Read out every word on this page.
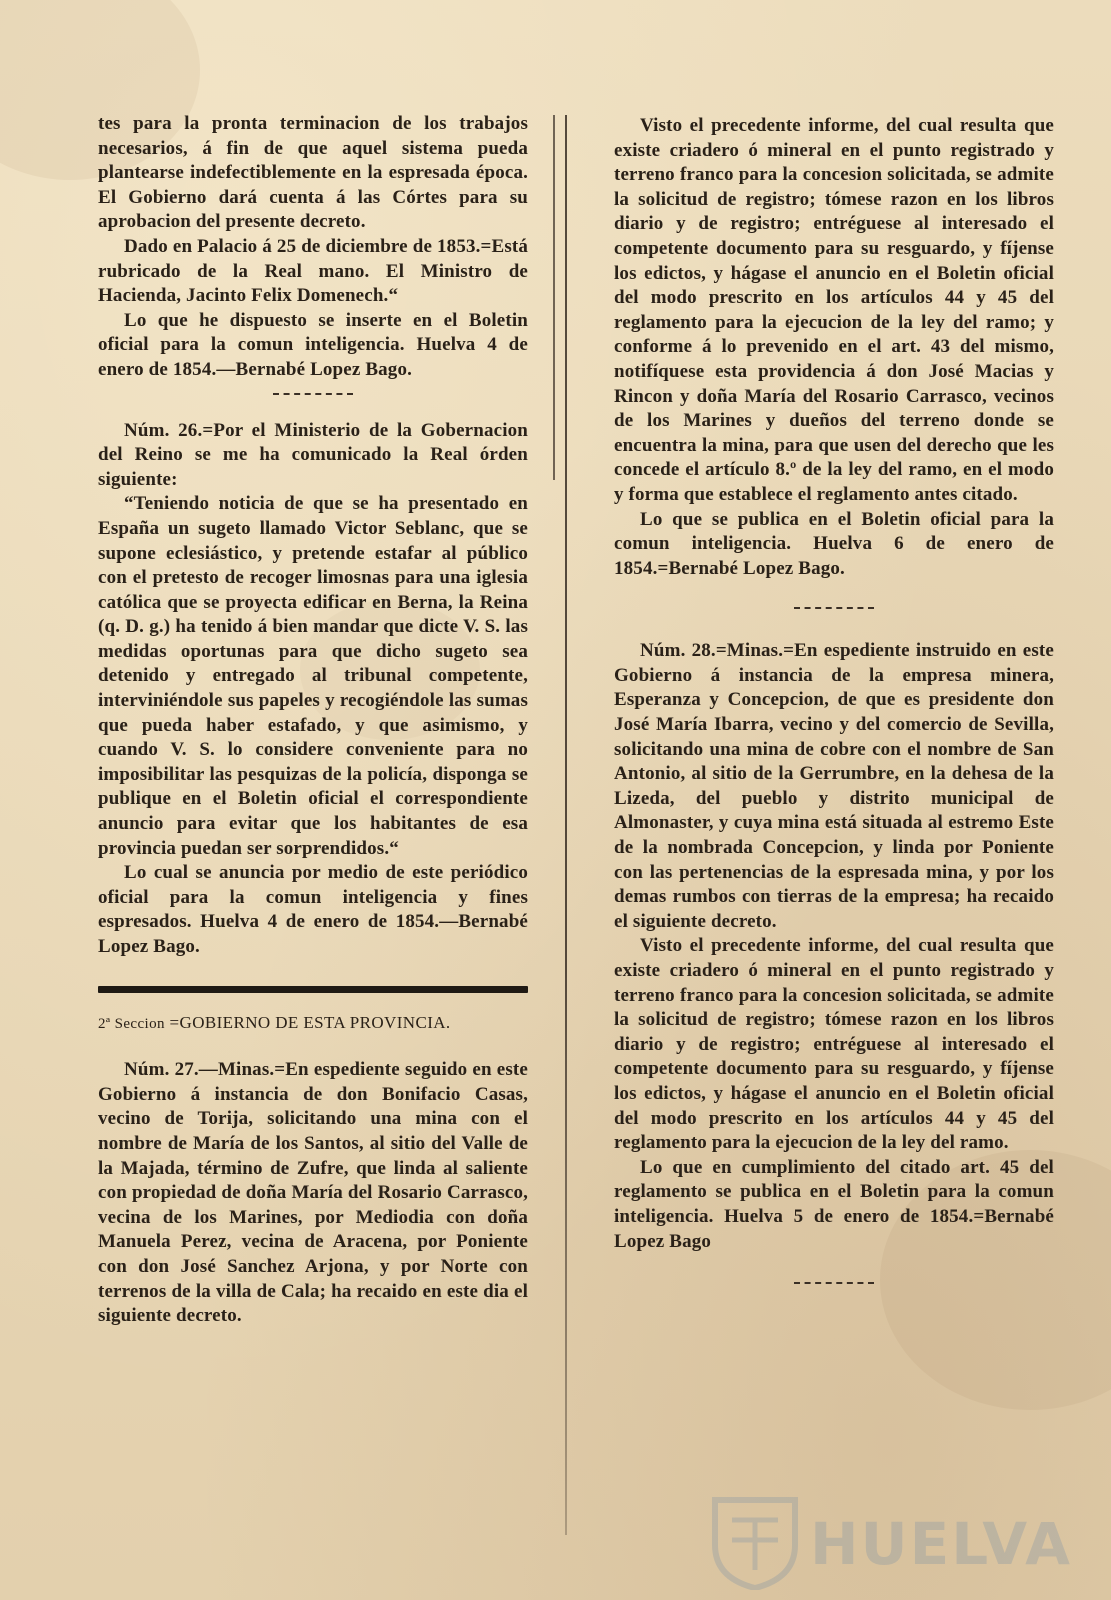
tes para la pronta terminacion de los trabajos necesarios, á fin de que aquel sistema pueda plantearse indefectiblemente en la espresada época. El Gobierno dará cuenta á las Córtes para su aprobacion del presente decreto.

Dado en Palacio á 25 de diciembre de 1853.=Está rubricado de la Real mano. El Ministro de Hacienda, Jacinto Felix Domenech.“

Lo que he dispuesto se inserte en el Boletin oficial para la comun inteligencia. Huelva 4 de enero de 1854.—Bernabé Lopez Bago.

Núm. 26.=Por el Ministerio de la Gobernacion del Reino se me ha comunicado la Real órden siguiente:

“Teniendo noticia de que se ha presentado en España un sugeto llamado Victor Seblanc, que se supone eclesiástico, y pretende estafar al público con el pretesto de recoger limosnas para una iglesia católica que se proyecta edificar en Berna, la Reina (q. D. g.) ha tenido á bien mandar que dicte V. S. las medidas oportunas para que dicho sugeto sea detenido y entregado al tribunal competente, interviniéndole sus papeles y recogiéndole las sumas que pueda haber estafado, y que asimismo, y cuando V. S. lo considere conveniente para no imposibilitar las pesquizas de la policía, disponga se publique en el Boletin oficial el correspondiente anuncio para evitar que los habitantes de esa provincia puedan ser sorprendidos.“

Lo cual se anuncia por medio de este periódico oficial para la comun inteligencia y fines espresados. Huelva 4 de enero de 1854.—Bernabé Lopez Bago.

2ª Seccion =GOBIERNO DE ESTA PROVINCIA.

Núm. 27.—Minas.=En espediente seguido en este Gobierno á instancia de don Bonifacio Casas, vecino de Torija, solicitando una mina con el nombre de María de los Santos, al sitio del Valle de la Majada, término de Zufre, que linda al saliente con propiedad de doña María del Rosario Carrasco, vecina de los Marines, por Mediodia con doña Manuela Perez, vecina de Aracena, por Poniente con don José Sanchez Arjona, y por Norte con terrenos de la villa de Cala; ha recaido en este dia el siguiente decreto.

Visto el precedente informe, del cual resulta que existe criadero ó mineral en el punto registrado y terreno franco para la concesion solicitada, se admite la solicitud de registro; tómese razon en los libros diario y de registro; entréguese al interesado el competente documento para su resguardo, y fíjense los edictos, y hágase el anuncio en el Boletin oficial del modo prescrito en los artículos 44 y 45 del reglamento para la ejecucion de la ley del ramo; y conforme á lo prevenido en el art. 43 del mismo, notifíquese esta providencia á don José Macias y Rincon y doña María del Rosario Carrasco, vecinos de los Marines y dueños del terreno donde se encuentra la mina, para que usen del derecho que les concede el artículo 8.º de la ley del ramo, en el modo y forma que establece el reglamento antes citado.

Lo que se publica en el Boletin oficial para la comun inteligencia. Huelva 6 de enero de 1854.=Bernabé Lopez Bago.

Núm. 28.=Minas.=En espediente instruido en este Gobierno á instancia de la empresa minera, Esperanza y Concepcion, de que es presidente don José María Ibarra, vecino y del comercio de Sevilla, solicitando una mina de cobre con el nombre de San Antonio, al sitio de la Gerrumbre, en la dehesa de la Lizeda, del pueblo y distrito municipal de Almonaster, y cuya mina está situada al estremo Este de la nombrada Concepcion, y linda por Poniente con las pertenencias de la espresada mina, y por los demas rumbos con tierras de la empresa; ha recaido el siguiente decreto.

Visto el precedente informe, del cual resulta que existe criadero ó mineral en el punto registrado y terreno franco para la concesion solicitada, se admite la solicitud de registro; tómese razon en los libros diario y de registro; entréguese al interesado el competente documento para su resguardo, y fíjense los edictos, y hágase el anuncio en el Boletin oficial del modo prescrito en los artículos 44 y 45 del reglamento para la ejecucion de la ley del ramo.

Lo que en cumplimiento del citado art. 45 del reglamento se publica en el Boletin para la comun inteligencia. Huelva 5 de enero de 1854.=Bernabé Lopez Bago

HUELVA
